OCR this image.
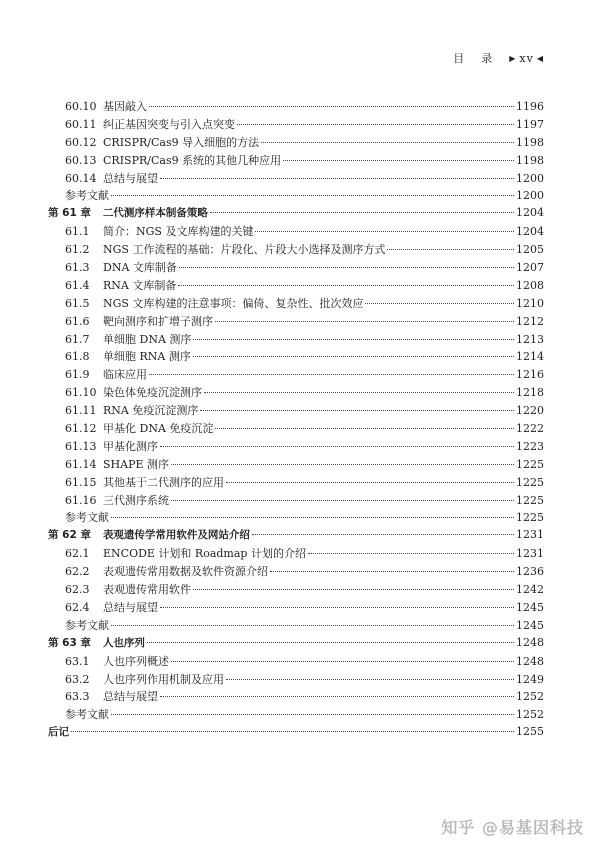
目 录 ▶ xv ◀
60.10 基因敲入	1196
60.11 纠正基因突变与引入点突变	1197
60.12 CRISPR/Cas9 导入细胞的方法	1198
60.13 CRISPR/Cas9 系统的其他几种应用	1198
60.14 总结与展望	1200
参考文献	1200
第 61 章 二代测序样本制备策略	1204
61.1	简介：NGS 及文库构建的关键	1204
61.2	NGS 工作流程的基础：片段化、片段大小选择及测序方式	1205
61.3	DNA 文库制备	1207
61.4	RNA 文库制备	1208
61.5	NGS 文库构建的注意事项：偏倚、复杂性、批次效应	1210
61.6	靶向测序和扩增子测序	1212
61.7	单细胞 DNA 测序	1213
61.8	单细胞 RNA 测序	1214
61.9	临床应用	1216
61.10 染色体免疫沉淀测序	1218
61.11 RNA 免疫沉淀测序	1220
61.12 甲基化 DNA 免疫沉淀	1222
61.13 甲基化测序	1223
61.14 SHAPE 测序	1225
61.15 其他基于二代测序的应用	1225
61.16 三代测序系统	1225
参考文献	1225
第 62 章 表观遗传学常用软件及网站介绍	1231
62.1	ENCODE 计划和 Roadmap 计划的介绍	1231
62.2	表观遗传常用数据及软件资源介绍	1236
62.3	表观遗传常用软件	1242
62.4	总结与展望	1245
参考文献	1245
第 63 章 人也序列	1248
63.1	人也序列概述	1248
63.2	人也序列作用机制及应用	1249
63.3	总结与展望	1252
参考文献	1252
后记	1255
知乎 @易基因科技
